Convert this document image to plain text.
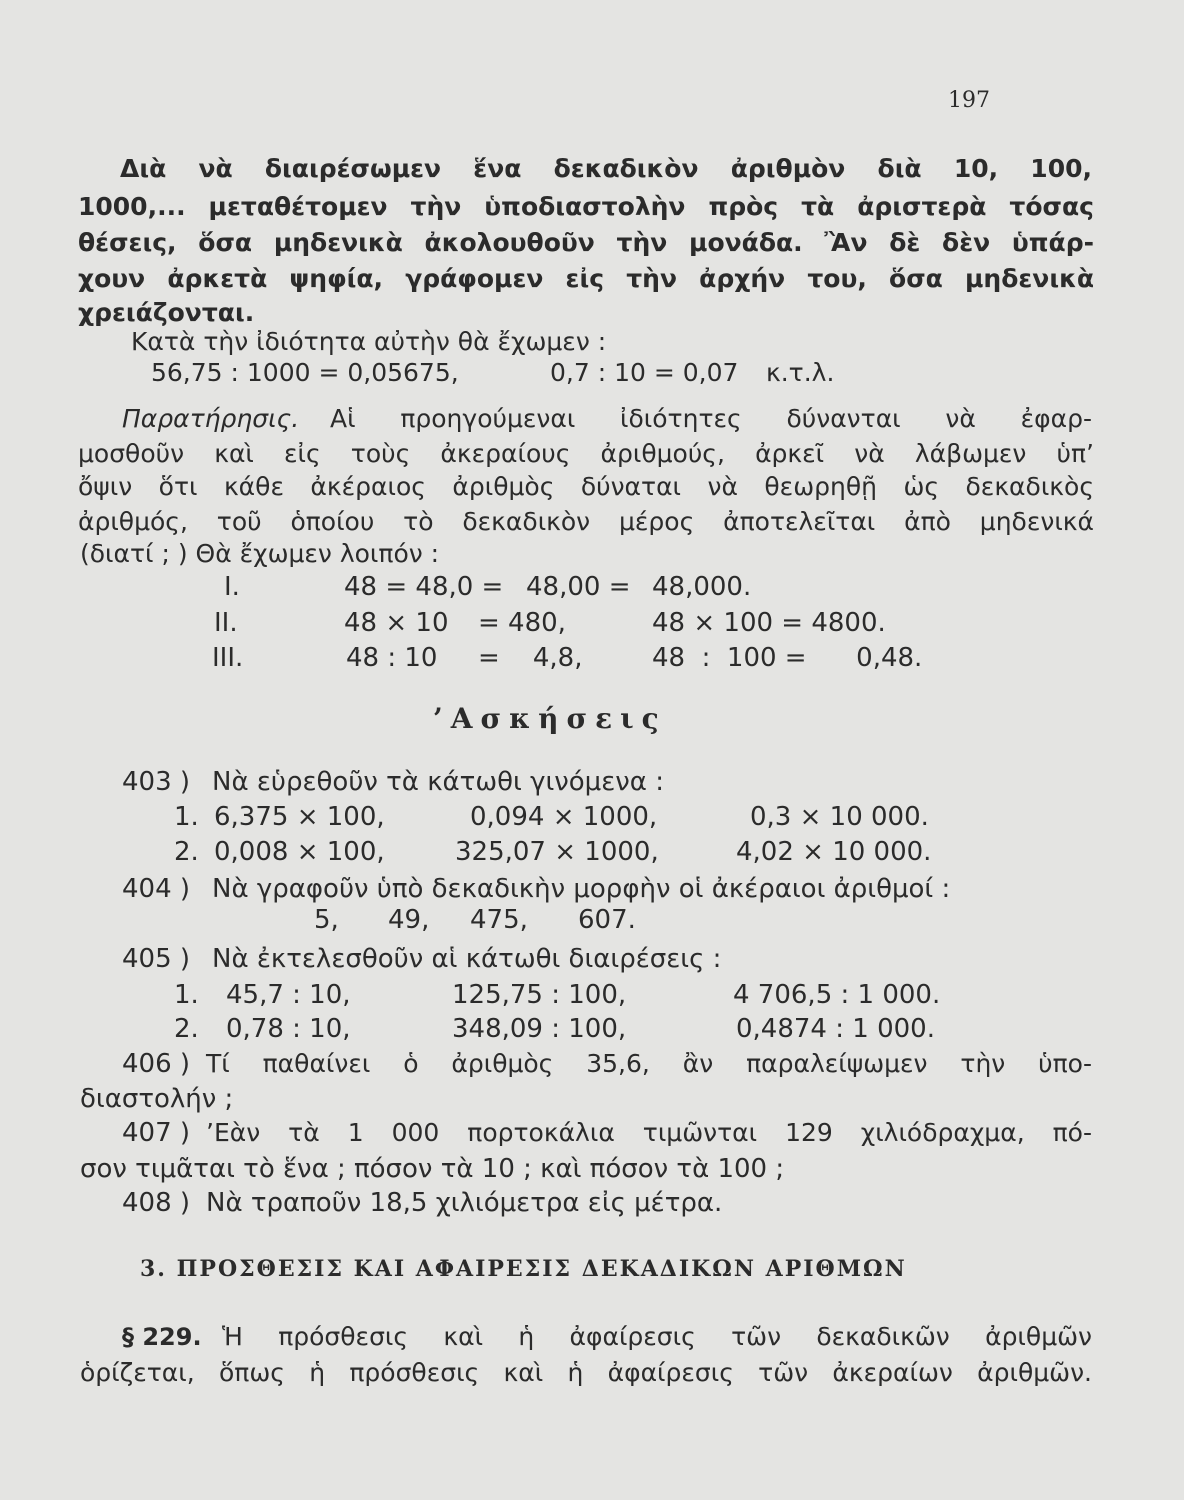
197
Διὰ νὰ διαιρέσωμεν ἕνα δεκαδικὸν ἀριθμὸν διὰ 10, 100,
1000,... μεταθέτομεν τὴν ὑποδιαστολὴν πρὸς τὰ ἀριστερὰ τόσας
θέσεις, ὅσα μηδενικὰ ἀκολουθοῦν τὴν μονάδα. Ἂν δὲ δὲν ὑπάρ-
χουν ἀρκετὰ ψηφία, γράφομεν εἰς τὴν ἀρχήν του, ὅσα μηδενικὰ
χρειάζονται.
Κατὰ τὴν ἰδιότητα αὐτὴν θὰ ἔχωμεν :
56,75 : 1000 = 0,05675,	0,7 : 10 = 0,07 κ.τ.λ.
Παρατήρησις. Αἱ προηγούμεναι ἰδιότητες δύνανται νὰ ἐφαρ-
μοσθοῦν καὶ εἰς τοὺς ἀκεραίους ἀριθμούς, ἀρκεῖ νὰ λάβωμεν ὑπ’
ὄψιν ὅτι κάθε ἀκέραιος ἀριθμὸς δύναται νὰ θεωρηθῇ ὡς δεκαδικὸς
ἀριθμός, τοῦ ὁποίου τὸ δεκαδικὸν μέρος ἀποτελεῖται ἀπὸ μηδενικά
(διατί ; ) Θὰ ἔχωμεν λοιπόν :
I.	48 = 48,0 = 48,00 = 48,000.
II.	48 × 10 = 480,	48 × 100 = 4800.
III.	48 : 10 =    4,8,	48  :  100 =      0,48.
’Ασκήσεις
403 ) Νὰ εὑρεθοῦν τὰ κάτωθι γινόμενα :
1. 6,375 × 100,	0,094 × 1000,	0,3 × 10 000.
2. 0,008 × 100,	325,07 × 1000,	4,02 × 10 000.
404 ) Νὰ γραφοῦν ὑπὸ δεκαδικὴν μορφὴν οἱ ἀκέραιοι ἀριθμοί :
5, 49, 475, 607.
405 ) Νὰ ἐκτελεσθοῦν αἱ κάτωθι διαιρέσεις :
1. 45,7 : 10,	125,75 : 100,	4 706,5 : 1 000.
2. 0,78 : 10,	348,09 : 100,	0,4874 : 1 000.
406 ) Τί παθαίνει ὁ ἀριθμὸς 35,6, ἂν παραλείψωμεν τὴν ὑπο-
διαστολήν ;
407 ) ’Εὰν τὰ 1 000 πορτοκάλια τιμῶνται 129 χιλιόδραχμα, πό-
σον τιμᾶται τὸ ἕνα ; πόσον τὰ 10 ; καὶ πόσον τὰ 100 ;
408 ) Νὰ τραποῦν 18,5 χιλιόμετρα εἰς μέτρα.
3. ΠΡΟΣΘΕΣΙΣ ΚΑΙ ΑΦΑΙΡΕΣΙΣ ΔΕΚΑΔΙΚΩΝ ΑΡΙΘΜΩΝ
§ 229. Ἡ πρόσθεσις καὶ ἡ ἀφαίρεσις τῶν δεκαδικῶν ἀριθμῶν
ὁρίζεται, ὅπως ἡ πρόσθεσις καὶ ἡ ἀφαίρεσις τῶν ἀκεραίων ἀριθμῶν.
